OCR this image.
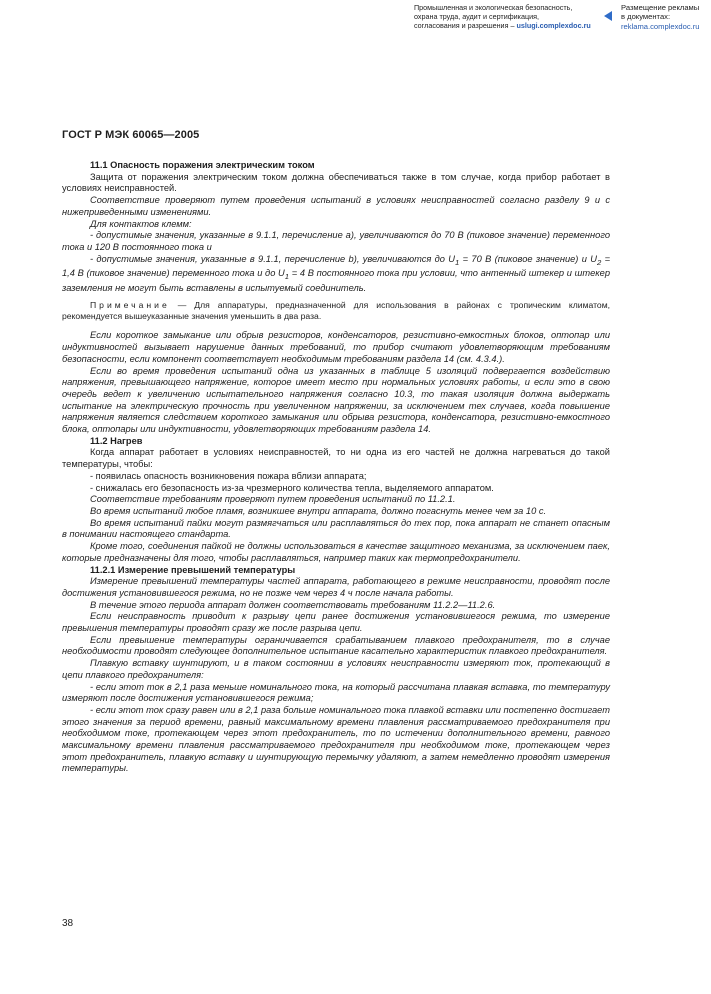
Промышленная и экологическая безопасность,
охрана труда, аудит и сертификация,
согласования и разрешения – uslugi.complexdoc.ru
Размещение рекламы
в документах:
reklama.complexdoc.ru
ГОСТ Р МЭК 60065—2005

11.1 Опасность поражения электрическим током

Защита от поражения электрическим током должна обеспечиваться также в том случае, когда прибор работает в условиях неисправностей.

Соответствие проверяют путем проведения испытаний в условиях неисправностей согласно разделу 9 и с нижеприведенными изменениями.

Для контактов клемм:

- допустимые значения, указанные в 9.1.1, перечисление a), увеличиваются до 70 В (пиковое значение) переменного тока и 120 В постоянного тока и

- допустимые значения, указанные в 9.1.1, перечисление b), увеличиваются до $U_1 = 70$ В (пиковое значение) и $U_2 = 1,4$ В (пиковое значение) переменного тока и до $U_1 = 4$ В постоянного тока при условии, что антенный штекер и штекер заземления не могут быть вставлены в испытуемый соединитель.

Примечание — Для аппаратуры, предназначенной для использования в районах с тропическим климатом, рекомендуется вышеуказанные значения уменьшить в два раза.

Если короткое замыкание или обрыв резисторов, конденсаторов, резистивно-емкостных блоков, оптопар или индуктивностей вызывает нарушение данных требований, то прибор считают удовлетворяющим требованиям безопасности, если компонент соответствует необходимым требованиям раздела 14 (см. 4.3.4.).

Если во время проведения испытаний одна из указанных в таблице 5 изоляций подвергается воздействию напряжения, превышающего напряжение, которое имеет место при нормальных условиях работы, и если это в свою очередь ведет к увеличению испытательного напряжения согласно 10.3, то такая изоляция должна выдержать испытание на электрическую прочность при увеличенном напряжении, за исключением тех случаев, когда повышение напряжения является следствием короткого замыкания или обрыва резистора, конденсатора, резистивно-емкостного блока, оптопары или индуктивности, удовлетворяющих требованиям раздела 14.

11.2 Нагрев

Когда аппарат работает в условиях неисправностей, то ни одна из его частей не должна нагреваться до такой температуры, чтобы:

- появилась опасность возникновения пожара вблизи аппарата;

- снижалась его безопасность из-за чрезмерного количества тепла, выделяемого аппаратом.

Соответствие требованиям проверяют путем проведения испытаний по 11.2.1.

Во время испытаний любое пламя, возникшее внутри аппарата, должно погаснуть менее чем за 10 с.

Во время испытаний пайки могут размягчаться или расплавляться до тех пор, пока аппарат не станет опасным в понимании настоящего стандарта.

Кроме того, соединения пайкой не должны использоваться в качестве защитного механизма, за исключением паек, которые предназначены для того, чтобы расплавляться, например таких как термопредохранители.

11.2.1 Измерение превышений температуры

Измерение превышений температуры частей аппарата, работающего в режиме неисправности, проводят после достижения установившегося режима, но не позже чем через 4 ч после начала работы.

В течение этого периода аппарат должен соответствовать требованиям 11.2.2—11.2.6.

Если неисправность приводит к разрыву цепи ранее достижения установившегося режима, то измерение превышения температуры проводят сразу же после разрыва цепи.

Если превышение температуры ограничивается срабатыванием плавкого предохранителя, то в случае необходимости проводят следующее дополнительное испытание касательно характеристик плавкого предохранителя.

Плавкую вставку шунтируют, и в таком состоянии в условиях неисправности измеряют ток, протекающий в цепи плавкого предохранителя:

- если этот ток в 2,1 раза меньше номинального тока, на который рассчитана плавкая вставка, то температуру измеряют после достижения установившегося режима;

- если этот ток сразу равен или в 2,1 раза больше номинального тока плавкой вставки или постепенно достигает этого значения за период времени, равный максимальному времени плавления рассматриваемого предохранителя при необходимом токе, протекающем через этот предохранитель, то по истечении дополнительного времени, равного максимальному времени плавления рассматриваемого предохранителя при необходимом токе, протекающем через этот предохранитель, плавкую вставку и шунтирующую перемычку удаляют, а затем немедленно проводят измерения температуры.

38
